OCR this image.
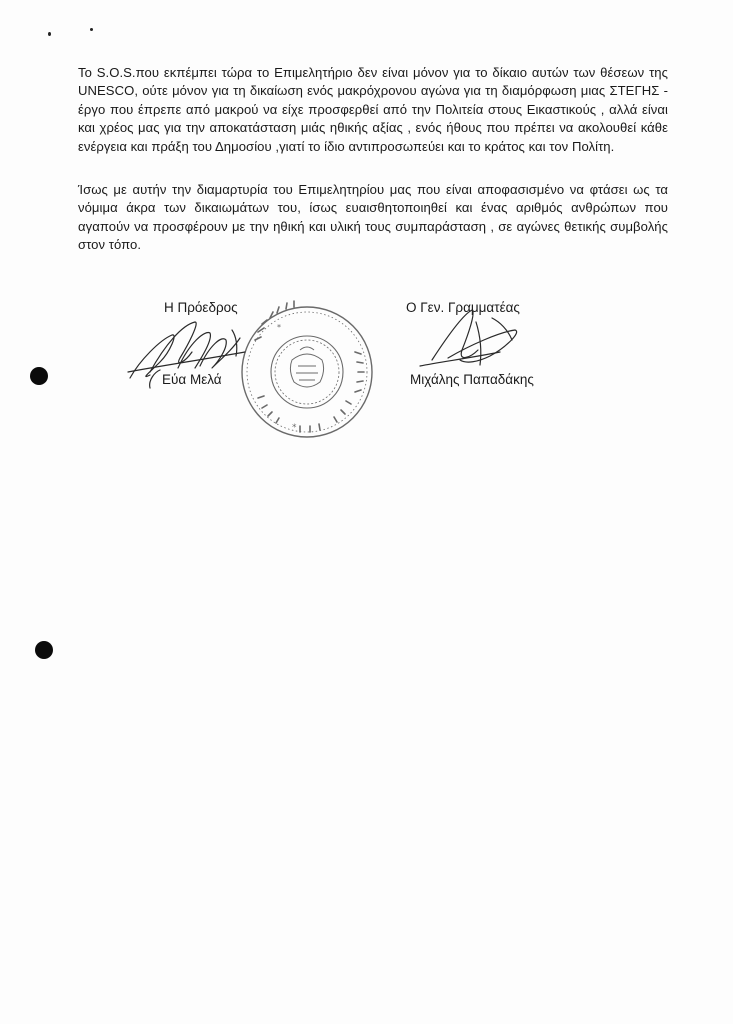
Το S.O.S.που εκπέμπει τώρα το Επιμελητήριο δεν είναι μόνον για το δίκαιο αυτών των θέσεων της UNESCO, ούτε μόνον για τη δικαίωση ενός μακρόχρονου αγώνα για τη διαμόρφωση μιας ΣΤΕΓΗΣ - έργο που έπρεπε από μακρού να είχε προσφερθεί από την Πολιτεία στους Εικαστικούς , αλλά είναι και χρέος μας για την αποκατάσταση μιάς ηθικής αξίας , ενός ήθους που πρέπει να ακολουθεί κάθε ενέργεια και πράξη του Δημοσίου ,γιατί το ίδιο αντιπροσωπεύει και το κράτος και τον Πολίτη.

Ίσως με αυτήν την διαμαρτυρία του Επιμελητηρίου μας που είναι αποφασισμένο να φτάσει ως τα νόμιμα άκρα των δικαιωμάτων του, ίσως ευαισθητοποιηθεί και ένας αριθμός ανθρώπων που αγαπούν να προσφέρουν με την ηθική και υλική τους συμπαράσταση , σε αγώνες θετικής συμβολής στον τόπο.

Η Πρόεδρος
Εύα Μελά
Ο Γεν. Γραμματέας
Μιχάλης Παπαδάκης
*
*
